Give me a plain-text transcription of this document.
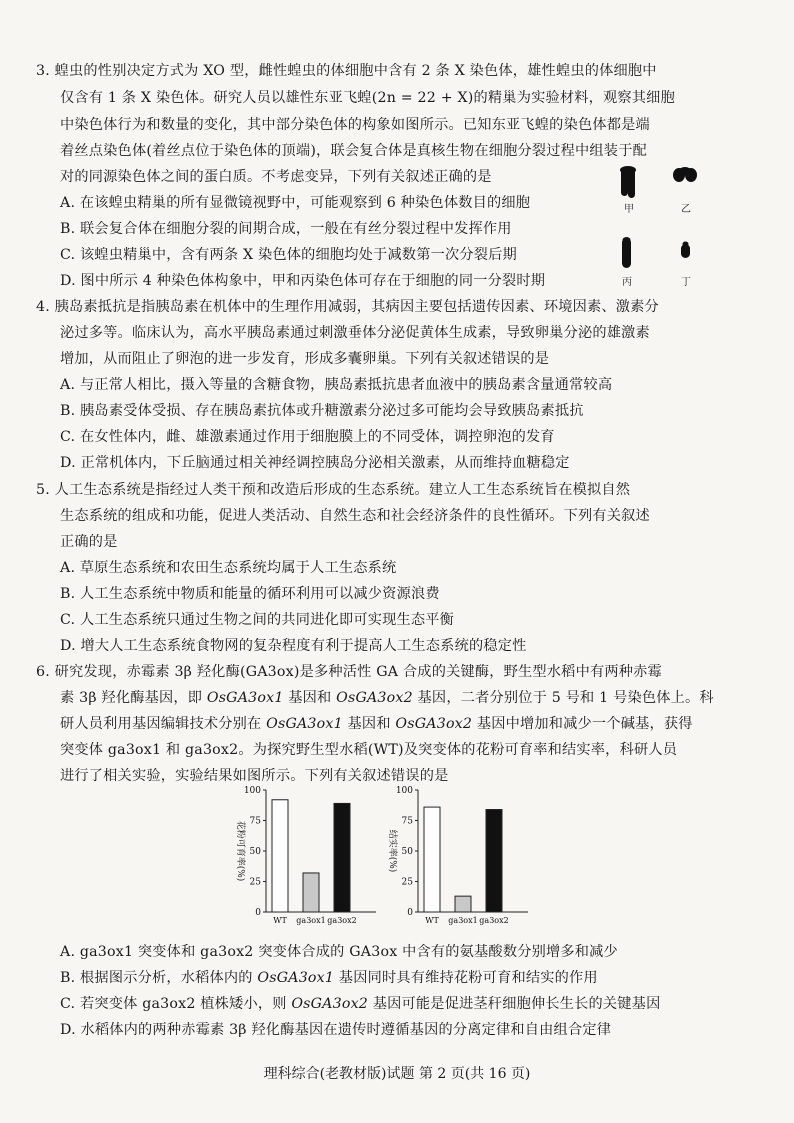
3. 蝗虫的性别决定方式为 XO 型，雌性蝗虫的体细胞中含有 2 条 X 染色体，雄性蝗虫的体细胞中
仅含有 1 条 X 染色体。研究人员以雄性东亚飞蝗(2n = 22 + X)的精巢为实验材料，观察其细胞
中染色体行为和数量的变化，其中部分染色体的构象如图所示。已知东亚飞蝗的染色体都是端
着丝点染色体(着丝点位于染色体的顶端)，联会复合体是真核生物在细胞分裂过程中组装于配
对的同源染色体之间的蛋白质。不考虑变异，下列有关叙述正确的是
A. 在该蝗虫精巢的所有显微镜视野中，可能观察到 6 种染色体数目的细胞
B. 联会复合体在细胞分裂的间期合成，一般在有丝分裂过程中发挥作用
C. 该蝗虫精巢中，含有两条 X 染色体的细胞均处于减数第一次分裂后期
D. 图中所示 4 种染色体构象中，甲和丙染色体可存在于细胞的同一分裂时期
甲	乙
丙	丁
4. 胰岛素抵抗是指胰岛素在机体中的生理作用减弱，其病因主要包括遗传因素、环境因素、激素分
泌过多等。临床认为，高水平胰岛素通过刺激垂体分泌促黄体生成素，导致卵巢分泌的雄激素
增加，从而阻止了卵泡的进一步发育，形成多囊卵巢。下列有关叙述错误的是
A. 与正常人相比，摄入等量的含糖食物，胰岛素抵抗患者血液中的胰岛素含量通常较高
B. 胰岛素受体受损、存在胰岛素抗体或升糖激素分泌过多可能均会导致胰岛素抵抗
C. 在女性体内，雌、雄激素通过作用于细胞膜上的不同受体，调控卵泡的发育
D. 正常机体内，下丘脑通过相关神经调控胰岛分泌相关激素，从而维持血糖稳定
5. 人工生态系统是指经过人类干预和改造后形成的生态系统。建立人工生态系统旨在模拟自然
生态系统的组成和功能，促进人类活动、自然生态和社会经济条件的良性循环。下列有关叙述
正确的是
A. 草原生态系统和农田生态系统均属于人工生态系统
B. 人工生态系统中物质和能量的循环利用可以减少资源浪费
C. 人工生态系统只通过生物之间的共同进化即可实现生态平衡
D. 增大人工生态系统食物网的复杂程度有利于提高人工生态系统的稳定性
6. 研究发现，赤霉素 3β 羟化酶(GA3ox)是多种活性 GA 合成的关键酶，野生型水稻中有两种赤霉
素 3β 羟化酶基因，即 OsGA3ox1 基因和 OsGA3ox2 基因，二者分别位于 5 号和 1 号染色体上。科
研人员利用基因编辑技术分别在 OsGA3ox1 基因和 OsGA3ox2 基因中增加和减少一个碱基，获得
突变体 ga3ox1 和 ga3ox2。为探究野生型水稻(WT)及突变体的花粉可育率和结实率，科研人员
进行了相关实验，实验结果如图所示。下列有关叙述错误的是
0
25
50
75
100
花粉可育率(%)
WT ga3ox1 ga3ox2
0
25
50
75
100
结实率(%)
WT ga3ox1 ga3ox2
A. ga3ox1 突变体和 ga3ox2 突变体合成的 GA3ox 中含有的氨基酸数分别增多和减少
B. 根据图示分析，水稻体内的 OsGA3ox1 基因同时具有维持花粉可育和结实的作用
C. 若突变体 ga3ox2 植株矮小，则 OsGA3ox2 基因可能是促进茎秆细胞伸长生长的关键基因
D. 水稻体内的两种赤霉素 3β 羟化酶基因在遗传时遵循基因的分离定律和自由组合定律
理科综合(老教材版)试题 第 2 页(共 16 页)
